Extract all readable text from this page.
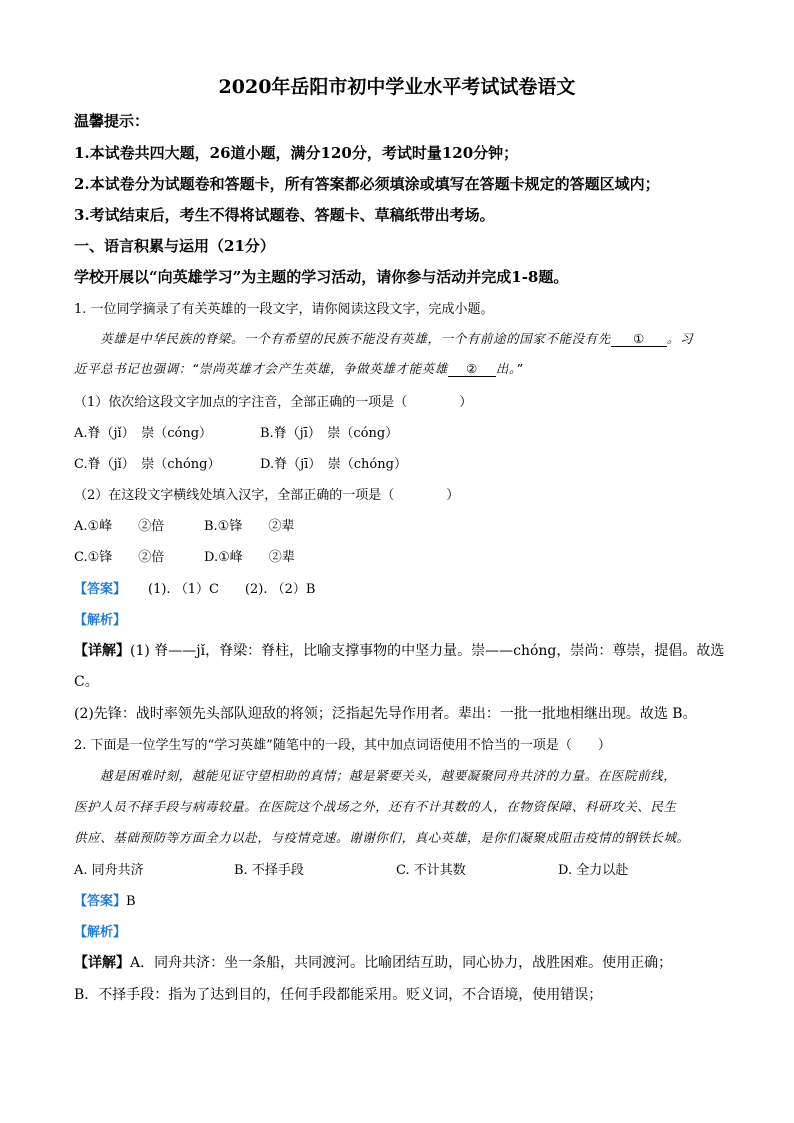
2020年岳阳市初中学业水平考试试卷语文
温馨提示：
1.本试卷共四大题，26道小题，满分120分，考试时量120分钟；
2.本试卷分为试题卷和答题卡，所有答案都必须填涂或填写在答题卡规定的答题区域内；
3.考试结束后，考生不得将试题卷、答题卡、草稿纸带出考场。
一、语言积累与运用（21分）
学校开展以“向英雄学习”为主题的学习活动，请你参与活动并完成1-8题。
1. 一位同学摘录了有关英雄的一段文字，请你阅读这段文字，完成小题。
英雄是中华民族的脊梁。一个有希望的民族不能没有英雄，一个有前途的国家不能没有先 ① 。习
近平总书记也强调：“崇尚英雄才会产生英雄，争做英雄才能英雄 ② 出。”
（1）依次给这段文字加点的字注音，全部正确的一项是（　　　　）
A.脊（jǐ）　崇（cóng）	B.脊（jī）　崇（cóng）
C.脊（jǐ）　崇（chóng）	D.脊（jī）　崇（chóng）
（2）在这段文字横线处填入汉字，全部正确的一项是（　　　　）
A.①峰　　②倍	B.①锋　　②辈
C.①锋　　②倍	D.①峰　　②辈
【答案】 (1). （1）C　　(2). （2）B
【解析】
【详解】(1) 脊——jǐ，脊梁：脊柱，比喻支撑事物的中坚力量。崇——chóng，崇尚：尊崇，提倡。故选
C。
(2)先锋：战时率领先头部队迎敌的将领；泛指起先导作用者。辈出：一批一批地相继出现。故选 B。
2. 下面是一位学生写的“学习英雄”随笔中的一段，其中加点词语使用不恰当的一项是（　　）
越是困难时刻，越能见证守望相助的真情；越是紧要关头，越要凝聚同舟共济的力量。在医院前线，
医护人员不择手段与病毒较量。在医院这个战场之外，还有不计其数的人，在物资保障、科研攻关、民生
供应、基础预防等方面全力以赴，与疫情竞速。谢谢你们，真心英雄，是你们凝聚成阻击疫情的钢铁长城。
A. 同舟共济	B. 不择手段	C. 不计其数	D. 全力以赴
【答案】B
【解析】
【详解】A．同舟共济：坐一条船，共同渡河。比喻团结互助，同心协力，战胜困难。使用正确；
B．不择手段：指为了达到目的，任何手段都能采用。贬义词，不合语境，使用错误；
